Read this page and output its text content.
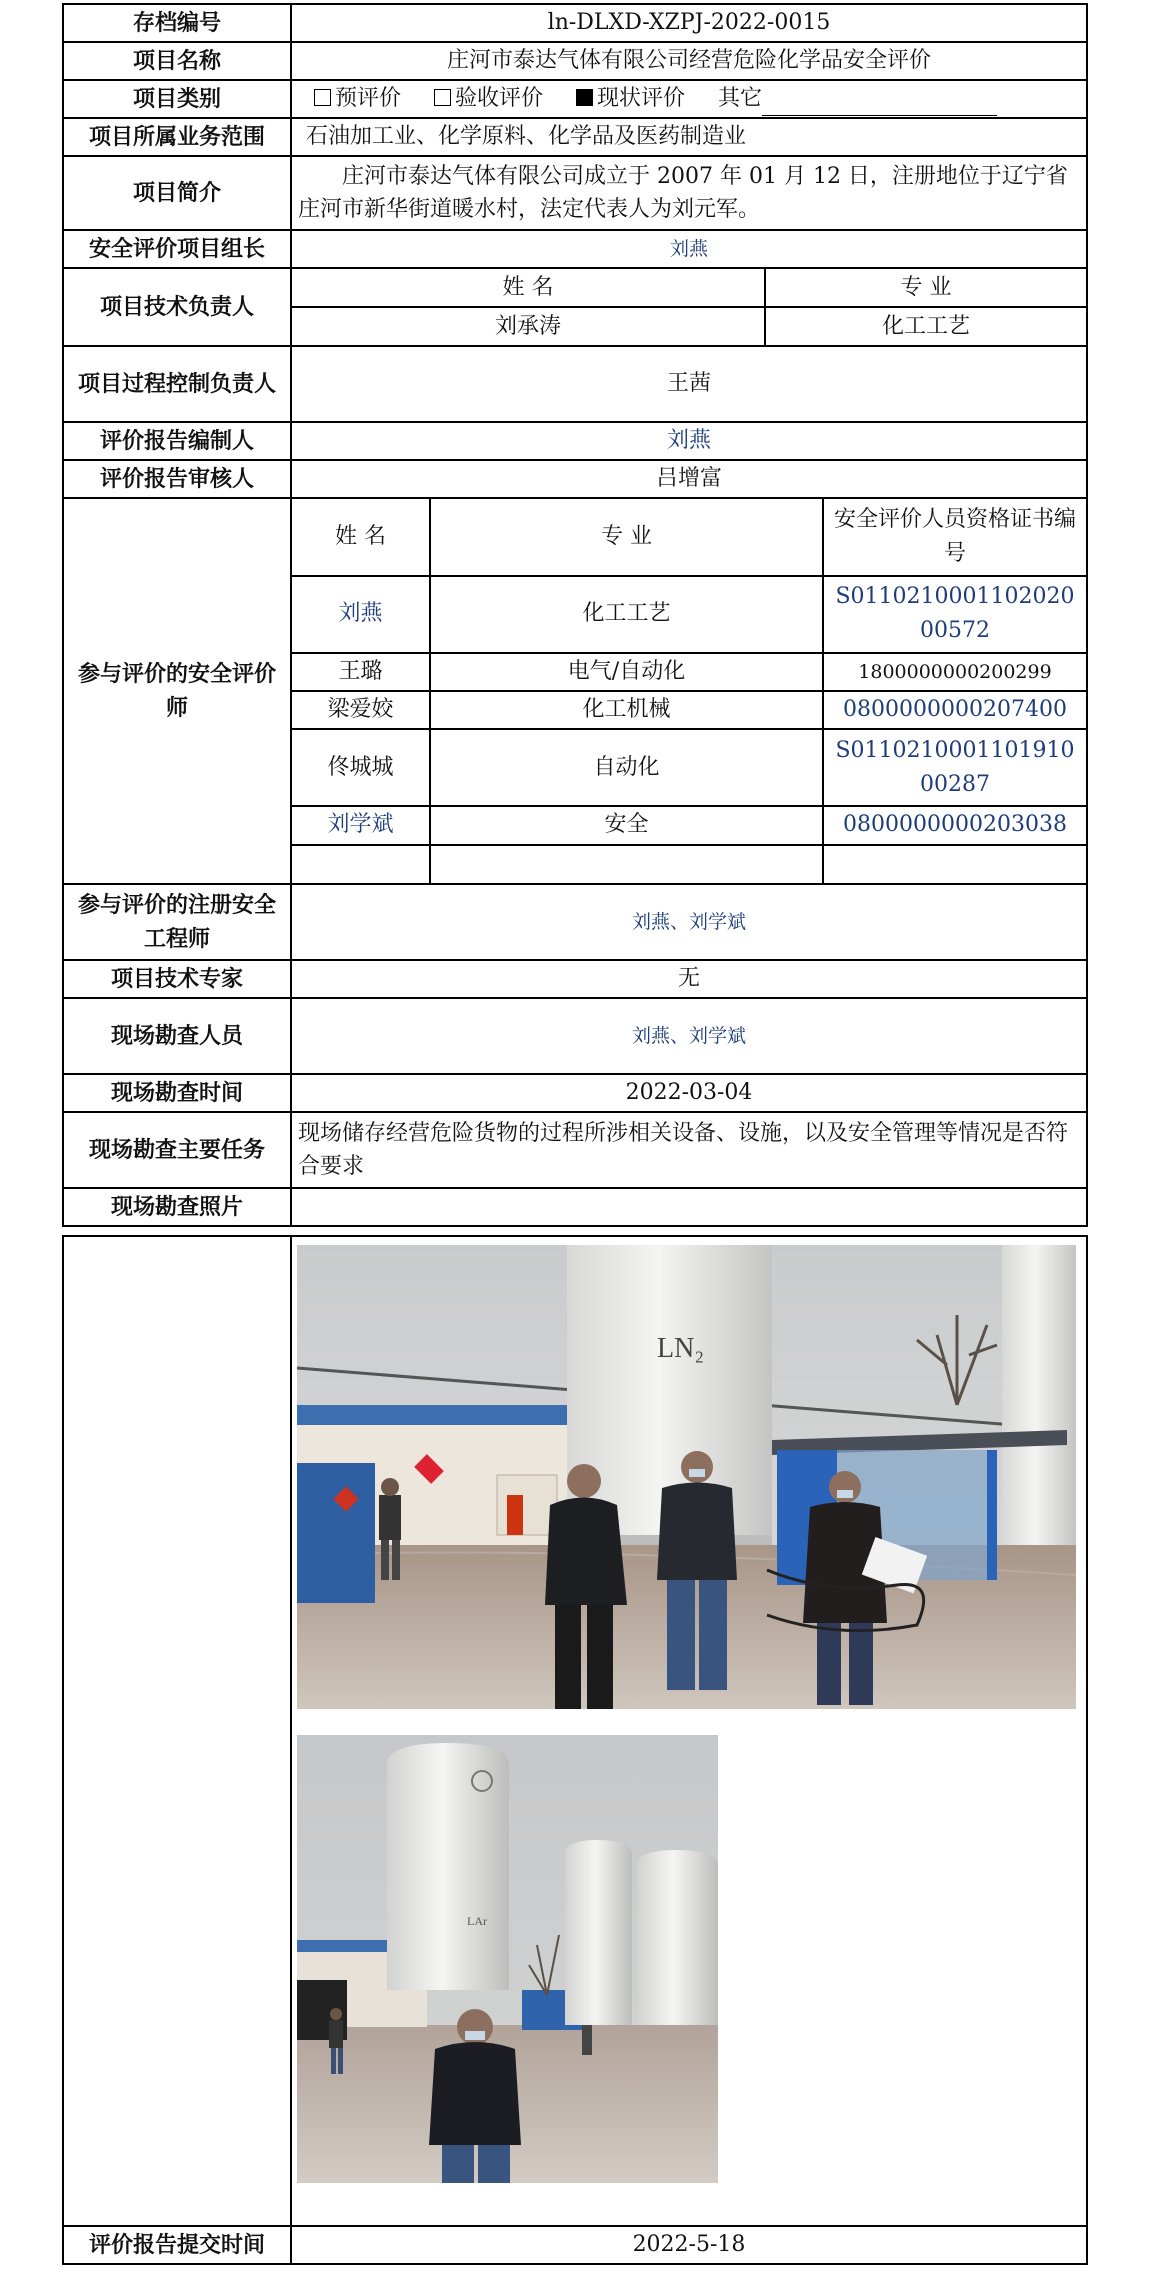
存档编号	ln-DLXD-XZPJ-2022-0015
项目名称	庄河市泰达气体有限公司经营危险化学品安全评价
项目类别	预评价 验收评价 现状评价 其它
项目所属业务范围	石油加工业、化学原料、化学品及医药制造业
项目简介	庄河市泰达气体有限公司成立于 2007 年 01 月 12 日，注册地位于辽宁省庄河市新华街道暖水村，法定代表人为刘元军。
安全评价项目组长	刘燕
项目技术负责人	
姓 名	专 业
刘承涛	化工工艺

项目过程控制负责人	王茜
评价报告编制人	刘燕
评价报告审核人	吕增富
参与评价的安全评价师	
姓 名	专 业	安全评价人员资格证书编号
刘燕	化工工艺	S011021000110202000572
王璐	电气/自动化	1800000000200299
梁爱姣	化工机械	0800000000207400
佟城城	自动化	S011021000110191000287
刘学斌	安全	0800000000203038

参与评价的注册安全工程师	刘燕、刘学斌
项目技术专家	无
现场勘查人员	刘燕、刘学斌
现场勘查时间	2022-03-04
现场勘查主要任务	现场储存经营危险货物的过程所涉相关设备、设施，以及安全管理等情况是否符合要求
现场勘查照片	

评价报告提交时间	2022-5-18
LN₂
LAr
